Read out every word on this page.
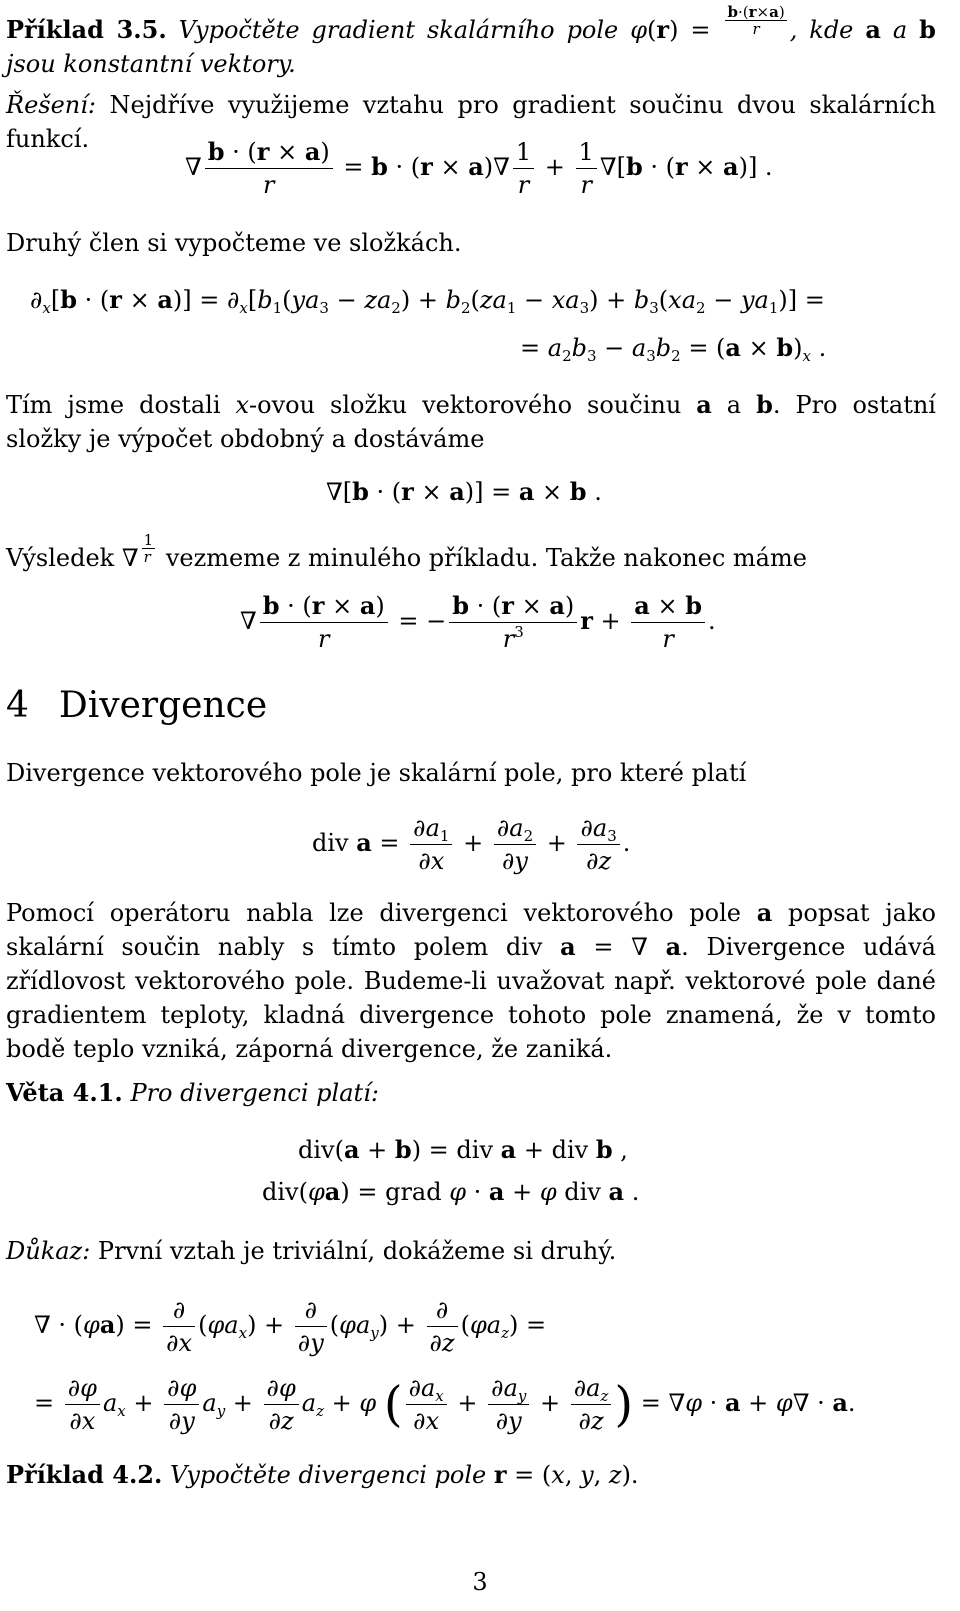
Příklad 3.5. Vypočtěte gradient skalárního pole $\varphi(r) = \frac{b\cdot(r\times a)}{r}$ , kde a a b jsou konstantní vektory.
Řešení: Nejdříve využijeme vztahu pro gradient součinu dvou skalárních funkcí.
∇ $\frac{b \cdot (r \times a)}{r} = b \cdot (r \times a)\nabla \frac{1}{r} + \frac{1}{r} \nabla[b \cdot (r \times a)]$ .
Druhý člen si vypočteme ve složkách.
$\partial_x[b \cdot (r \times a)] = \partial_x[b_1(ya_3 - za_2) + b_2(za_1 - xa_3) + b_3(xa_2 - ya_1)]$ =
= $a_2b_3 - a_3b_2 = (a \times b)_x$ .
Tím jsme dostali x-ovou složku vektorového součinu a a b. Pro ostatní složky je výpočet obdobný a dostáváme
∇[b · (r × a)] = a × b .
Výsledek ∇ $\frac{1}{r}$ vezmeme z minulého příkladu. Takže nakonec máme
∇ $\frac{b \cdot (r \times a)}{r}$ = − $\frac{b \cdot (r \times a)}{r^3}$ $r + \frac{a \times b}{r}$ .
4 Divergence
Divergence vektorového pole je skalární pole, pro které platí
div $a = \frac{\partial a_1}{\partial x} + \frac{\partial a_2}{\partial y} + \frac{\partial a_3}{\partial z}$ .
Pomocí operátoru nabla lze divergenci vektorového pole a popsat jako skalární součin nably s tímto polem div a = ∇ a. Divergence udává zřídlovost vektorového pole. Budeme-li uvažovat např. vektorové pole dané gradientem teploty, kladná divergence tohoto pole znamená, že v tomto bodě teplo vzniká, záporná divergence, že zaniká.
Věta 4.1. Pro divergenci platí:
div(a + b) = div a + div b ,
div(φa) = grad φ · a + φ div a .
Důkaz: První vztah je triviální, dokážeme si druhý.
∇ · $(\varphi a) = \frac{\partial}{\partial x} (\varphi a_x) + \frac{\partial}{\partial y} (\varphi a_y) + \frac{\partial}{\partial z} (\varphi a_z)$ =
= $\frac{\partial\varphi}{\partial x} a_x + \frac{\partial\varphi}{\partial y} a_y + \frac{\partial\varphi}{\partial z} a_z + \varphi$ ( $\frac{\partial a_x}{\partial x} + \frac{\partial a_y}{\partial y} + \frac{\partial a_z}{\partial z}$ ) = ∇φ · a + φ∇ · a.
Příklad 4.2. Vypočtěte divergenci pole r = (x, y, z).
3
